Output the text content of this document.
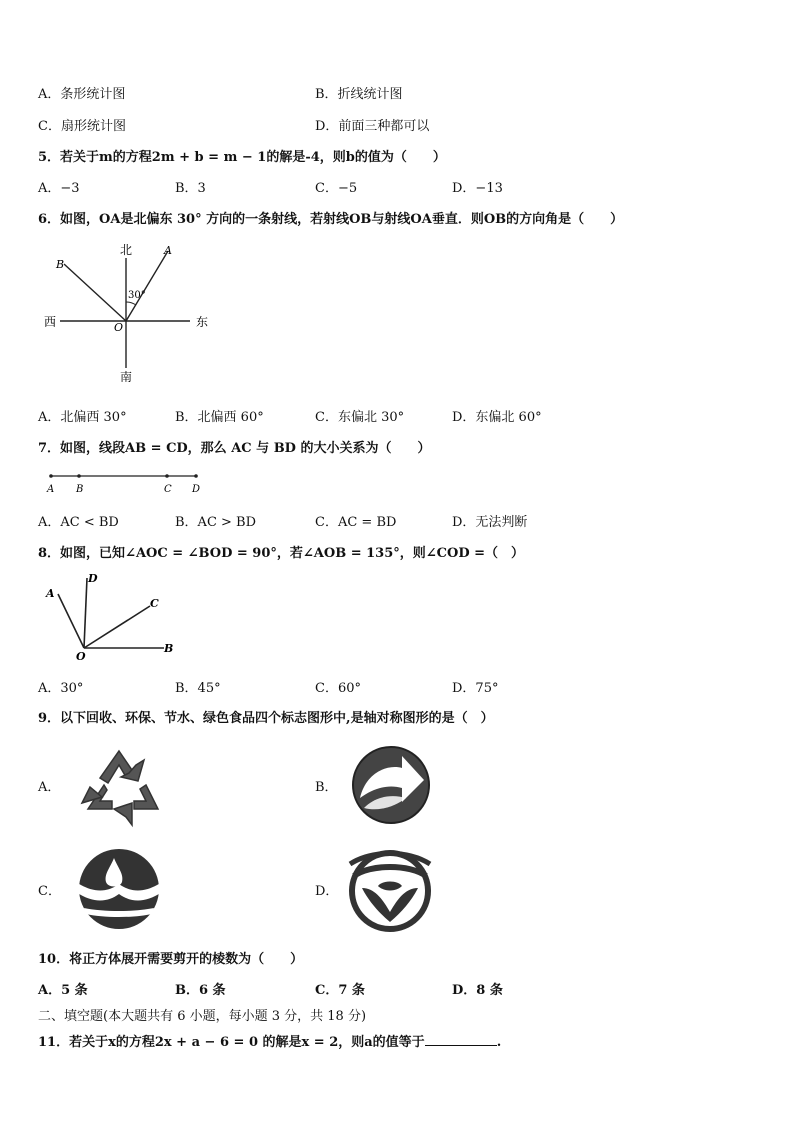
A．条形统计图	B．折线统计图
C．扇形统计图	D．前面三种都可以
5．若关于m的方程2m + b = m − 1的解是-4，则b的值为（　　）
A．−3	B．3	C．−5	D．−13
6．如图，OA是北偏东 30° 方向的一条射线，若射线OB与射线OA垂直．则OB的方向角是（　　）
北
南
西	东
30°
A
B
O
A．北偏西 30°	B．北偏西 60°	C．东偏北 30°	D．东偏北 60°
7．如图，线段AB = CD，那么 AC 与 BD 的大小关系为（　　）
A B	C D
A．AC < BD	B．AC > BD	C．AC = BD	D．无法判断
8．如图，已知∠AOC = ∠BOD = 90°，若∠AOB = 135°，则∠COD =（　）
D
A
C
B
O
A．30°	B．45°	C．60°	D．75°
9．以下回收、环保、节水、绿色食品四个标志图形中,是轴对称图形的是（　）
A．	B．
C．	D．
10．将正方体展开需要剪开的棱数为（　　）
A．5 条	B．6 条	C．7 条	D．8 条
二、填空题(本大题共有 6 小题，每小题 3 分，共 18 分)
11．若关于x的方程2x + a − 6 = 0 的解是x = 2，则a的值等于	.
